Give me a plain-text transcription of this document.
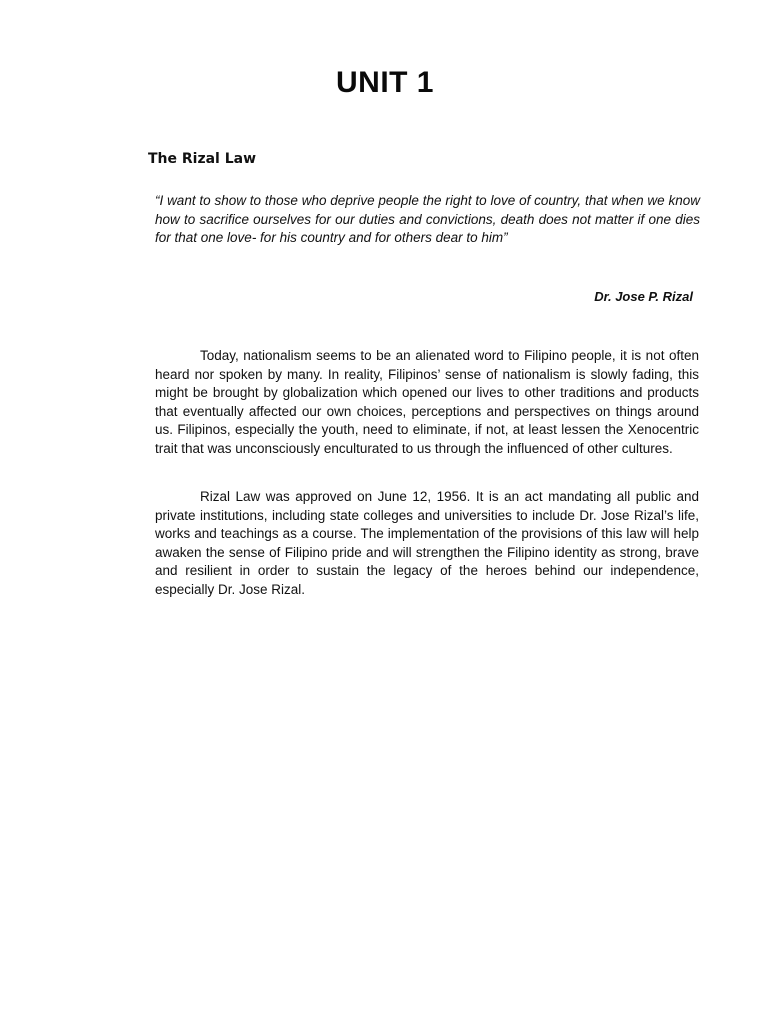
UNIT 1
The Rizal Law

“I want to show to those who deprive people the right to love of country, that when we know how to sacrifice ourselves for our duties and convictions, death does not matter if one dies for that one love- for his country and for others dear to him”

Dr. Jose P. Rizal

Today, nationalism seems to be an alienated word to Filipino people, it is not often heard nor spoken by many. In reality, Filipinos’ sense of nationalism is slowly fading, this might be brought by globalization which opened our lives to other traditions and products that eventually affected our own choices, perceptions and perspectives on things around us. Filipinos, especially the youth, need to eliminate, if not, at least lessen the Xenocentric trait that was unconsciously enculturated to us through the influenced of other cultures.

Rizal Law was approved on June 12, 1956. It is an act mandating all public and private institutions, including state colleges and universities to include Dr. Jose Rizal’s life, works and teachings as a course. The implementation of the provisions of this law will help awaken the sense of Filipino pride and will strengthen the Filipino identity as strong, brave and resilient in order to sustain the legacy of the heroes behind our independence, especially Dr. Jose Rizal.
